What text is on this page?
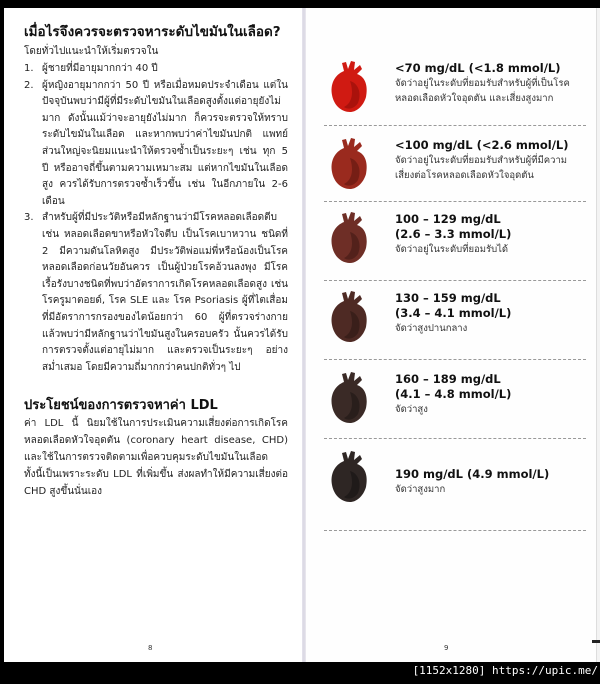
เมื่อไรจึงควรจะตรวจหาระดับไขมันในเลือด?

โดยทั่วไปแนะนำให้เริ่มตรวจใน

1. ผู้ชายที่มีอายุมากกว่า 40 ปี
2. ผู้หญิงอายุมากกว่า 50 ปี หรือเมื่อหมดประจำเดือน แต่ในปัจจุบันพบว่ามีผู้ที่มีระดับไขมันในเลือดสูงตั้งแต่อายุยังไม่มาก ดังนั้นแม้ว่าจะอายุยังไม่มาก ก็ควรจะตรวจให้ทราบระดับไขมันในเลือด และหากพบว่าค่าไขมันปกติ แพทย์ส่วนใหญ่จะนิยมแนะนำให้ตรวจซ้ำเป็นระยะๆ เช่น ทุก 5 ปี หรืออาจถี่ขึ้นตามความเหมาะสม แต่หากไขมันในเลือดสูง ควรได้รับการตรวจซ้ำเร็วขึ้น เช่น ในอีกภายใน 2-6 เดือน
3. สำหรับผู้ที่มีประวัติหรือมีหลักฐานว่ามีโรคหลอดเลือดตีบ เช่น หลอดเลือดขาหรือหัวใจตีบ เป็นโรคเบาหวาน ชนิดที่ 2 มีความดันโลหิตสูง มีประวัติพ่อแม่พี่หรือน้องเป็นโรคหลอดเลือดก่อนวัยอันควร เป็นผู้ป่วยโรคอ้วนลงพุง มีโรคเรื้อรังบางชนิดที่พบว่าอัตราการเกิดโรคหลอดเลือดสูง เช่น โรครูมาตอยด์, โรค SLE และ โรค Psoriasis ผู้ที่ไตเสื่อมที่มีอัตราการกรองของไตน้อยกว่า 60 ผู้ที่ตรวจร่างกายแล้วพบว่ามีหลักฐานว่าไขมันสูงในครอบครัว นั้นควรได้รับการตรวจตั้งแต่อายุไม่มาก และตรวจเป็นระยะๆ อย่างสม่ำเสมอ โดยมีความถี่มากกว่าคนปกติทั่วๆ ไป
ประโยชน์ของการตรวจหาค่า LDL

ค่า LDL นี้ นิยมใช้ในการประเมินความเสี่ยงต่อการเกิดโรคหลอดเลือดหัวใจอุดตัน (coronary heart disease, CHD) และใช้ในการตรวจติดตามเพื่อควบคุมระดับไขมันในเลือด ทั้งนี้เป็นเพราะระดับ LDL ที่เพิ่มขึ้น ส่งผลทำให้มีความเสี่ยงต่อ CHD สูงขึ้นนั่นเอง

8	9
<70 mg/dL (<1.8 mmol/L)
จัดว่าอยู่ในระดับที่ยอมรับสำหรับผู้ที่เป็นโรคหลอดเลือดหัวใจอุดตัน และเสี่ยงสูงมาก
<100 mg/dL (<2.6 mmol/L)
จัดว่าอยู่ในระดับที่ยอมรับสำหรับผู้ที่มีความเสี่ยงต่อโรคหลอดเลือดหัวใจอุดตัน
100 – 129 mg/dL
(2.6 – 3.3 mmol/L)
จัดว่าอยู่ในระดับที่ยอมรับได้
130 – 159 mg/dL
(3.4 – 4.1 mmol/L)
จัดว่าสูงปานกลาง
160 – 189 mg/dL
(4.1 – 4.8 mmol/L)
จัดว่าสูง
190 mg/dL (4.9 mmol/L)
จัดว่าสูงมาก
[1152x1280] https://upic.me/
